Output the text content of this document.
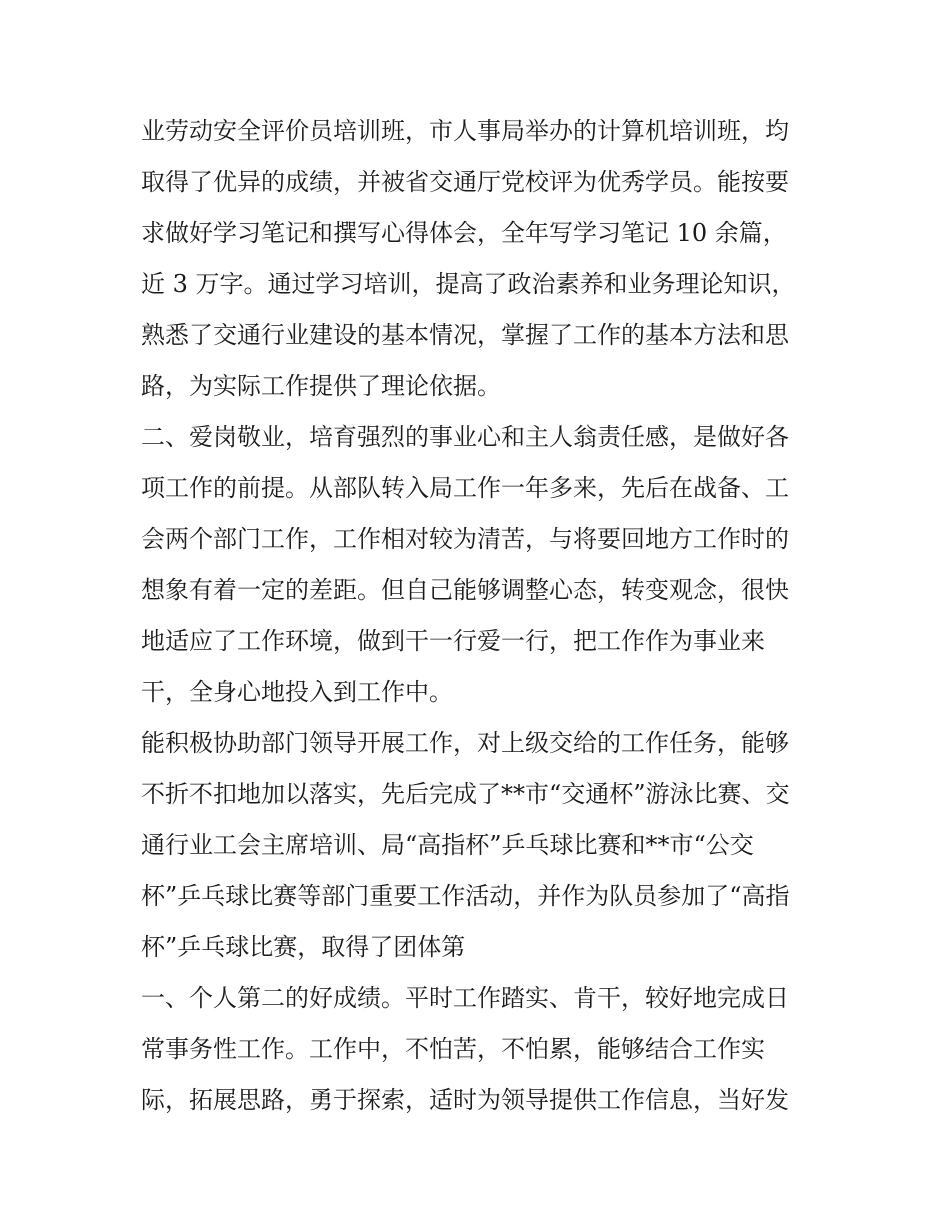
业劳动安全评价员培训班，市人事局举办的计算机培训班，均
取得了优异的成绩，并被省交通厅党校评为优秀学员。能按要
求做好学习笔记和撰写心得体会，全年写学习笔记 10 余篇，
近 3 万字。通过学习培训，提高了政治素养和业务理论知识，
熟悉了交通行业建设的基本情况，掌握了工作的基本方法和思
路，为实际工作提供了理论依据。
二、爱岗敬业，培育强烈的事业心和主人翁责任感，是做好各
项工作的前提。从部队转入局工作一年多来，先后在战备、工
会两个部门工作，工作相对较为清苦，与将要回地方工作时的
想象有着一定的差距。但自己能够调整心态，转变观念，很快
地适应了工作环境，做到干一行爱一行，把工作作为事业来
干，全身心地投入到工作中。
能积极协助部门领导开展工作，对上级交给的工作任务，能够
不折不扣地加以落实，先后完成了**市“交通杯”游泳比赛、交
通行业工会主席培训、局“高指杯”乒乓球比赛和**市“公交
杯”乒乓球比赛等部门重要工作活动，并作为队员参加了“高指
杯”乒乓球比赛，取得了团体第
一、个人第二的好成绩。平时工作踏实、肯干，较好地完成日
常事务性工作。工作中，不怕苦，不怕累，能够结合工作实
际，拓展思路，勇于探索，适时为领导提供工作信息，当好发
